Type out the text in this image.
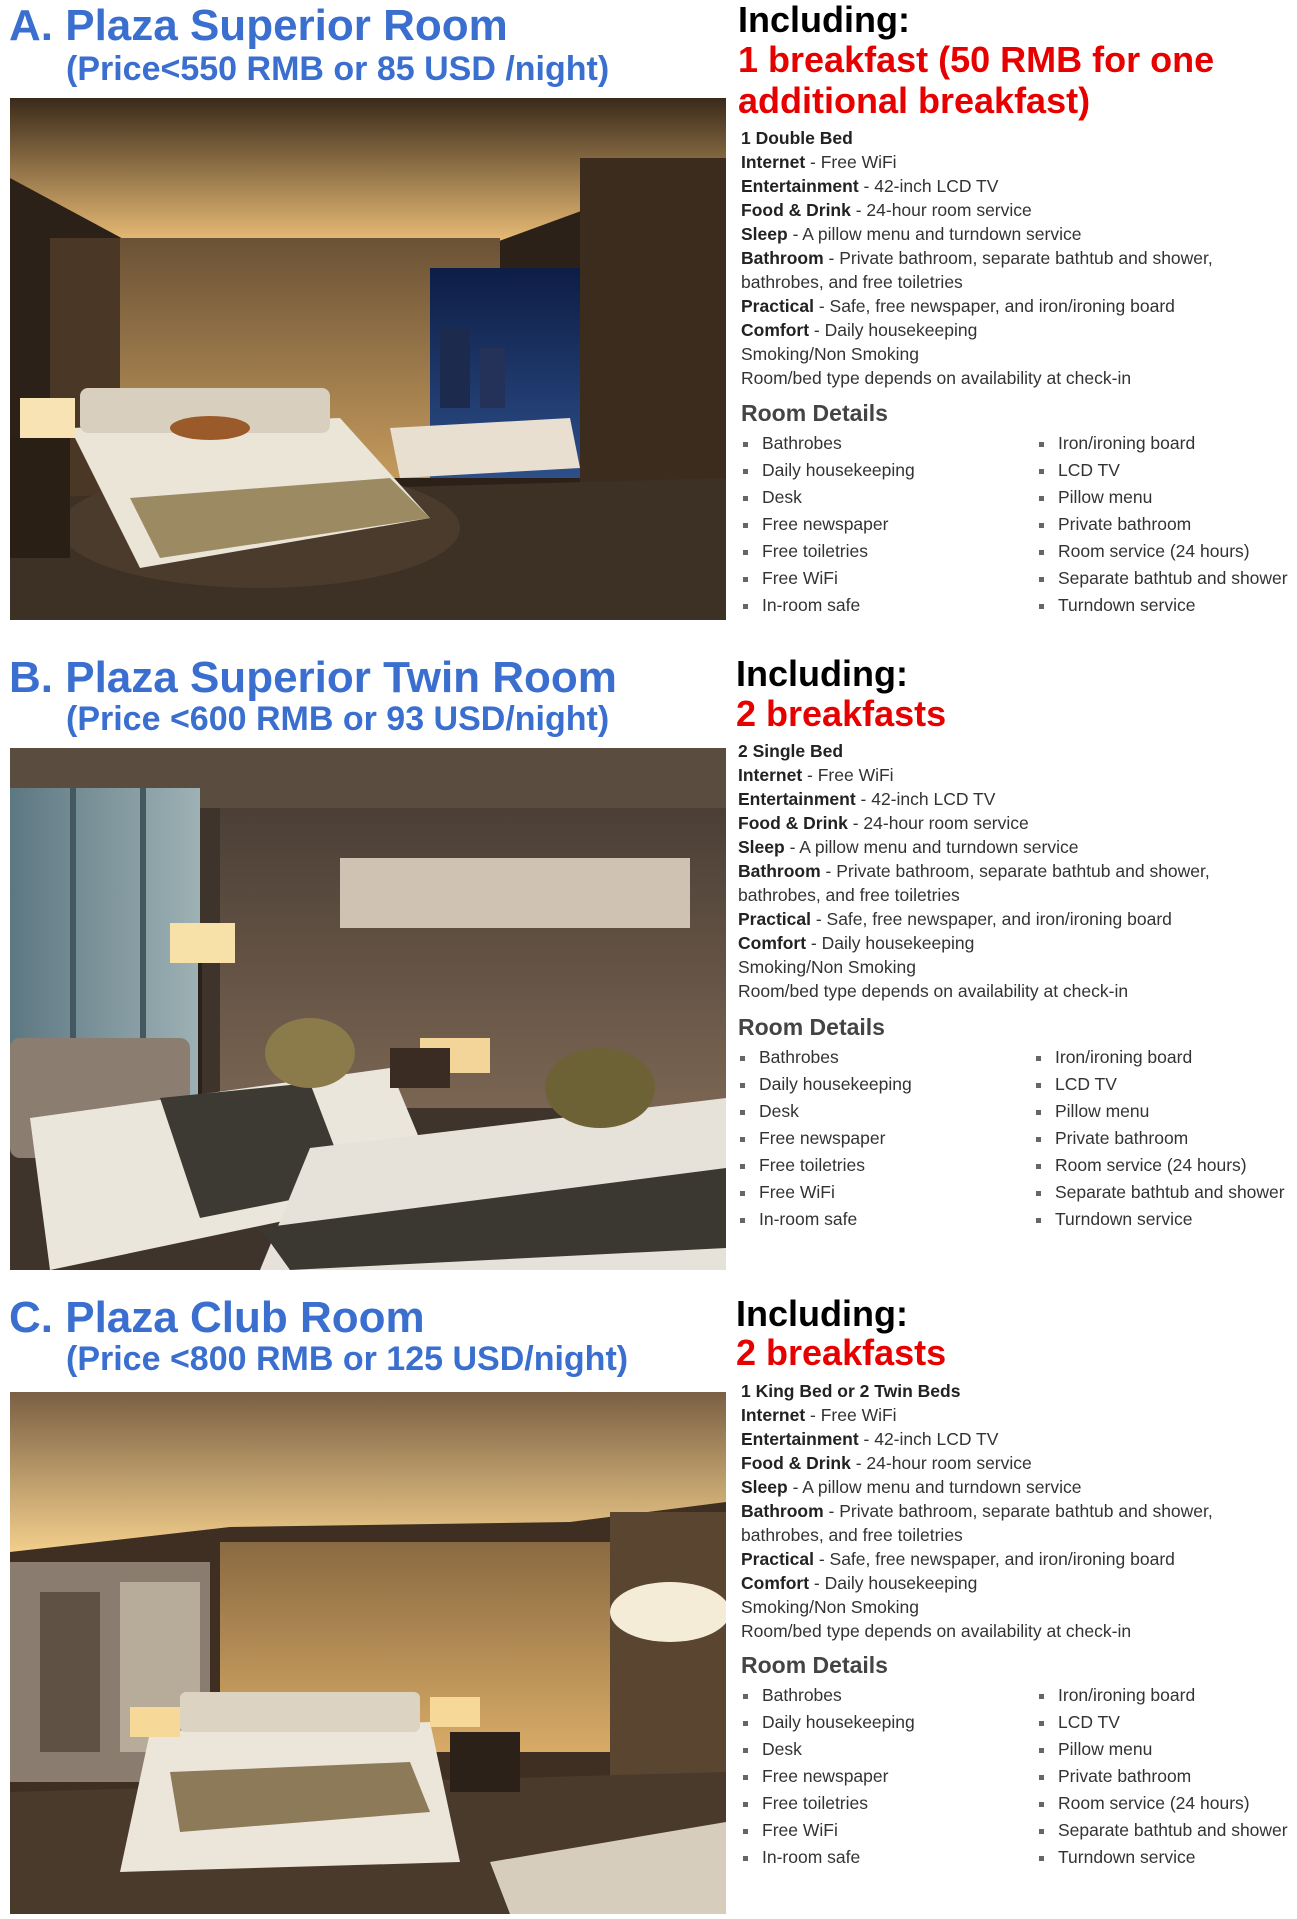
A. Plaza Superior Room
(Price<550 RMB or 85 USD /night)
Including:
1 breakfast (50 RMB for one additional breakfast)
1 Double Bed
Internet - Free WiFi
Entertainment - 42-inch LCD TV
Food & Drink - 24-hour room service
Sleep - A pillow menu and turndown service
Bathroom - Private bathroom, separate bathtub and shower, bathrobes, and free toiletries
Practical - Safe, free newspaper, and iron/ironing board
Comfort - Daily housekeeping
Smoking/Non Smoking
Room/bed type depends on availability at check-in
Room Details
Bathrobes
Daily housekeeping
Desk
Free newspaper
Free toiletries
Free WiFi
In-room safe
Iron/ironing board
LCD TV
Pillow menu
Private bathroom
Room service (24 hours)
Separate bathtub and shower
Turndown service
B. Plaza Superior Twin Room
(Price <600 RMB or 93 USD/night)
Including:
2 breakfasts
2 Single Bed
Internet - Free WiFi
Entertainment - 42-inch LCD TV
Food & Drink - 24-hour room service
Sleep - A pillow menu and turndown service
Bathroom - Private bathroom, separate bathtub and shower, bathrobes, and free toiletries
Practical - Safe, free newspaper, and iron/ironing board
Comfort - Daily housekeeping
Smoking/Non Smoking
Room/bed type depends on availability at check-in
Room Details
Bathrobes
Daily housekeeping
Desk
Free newspaper
Free toiletries
Free WiFi
In-room safe
Iron/ironing board
LCD TV
Pillow menu
Private bathroom
Room service (24 hours)
Separate bathtub and shower
Turndown service
C. Plaza Club Room
(Price <800 RMB or 125 USD/night)
Including:
2 breakfasts
1 King Bed or 2 Twin Beds
Internet - Free WiFi
Entertainment - 42-inch LCD TV
Food & Drink - 24-hour room service
Sleep - A pillow menu and turndown service
Bathroom - Private bathroom, separate bathtub and shower, bathrobes, and free toiletries
Practical - Safe, free newspaper, and iron/ironing board
Comfort - Daily housekeeping
Smoking/Non Smoking
Room/bed type depends on availability at check-in
Room Details
Bathrobes
Daily housekeeping
Desk
Free newspaper
Free toiletries
Free WiFi
In-room safe
Iron/ironing board
LCD TV
Pillow menu
Private bathroom
Room service (24 hours)
Separate bathtub and shower
Turndown service
